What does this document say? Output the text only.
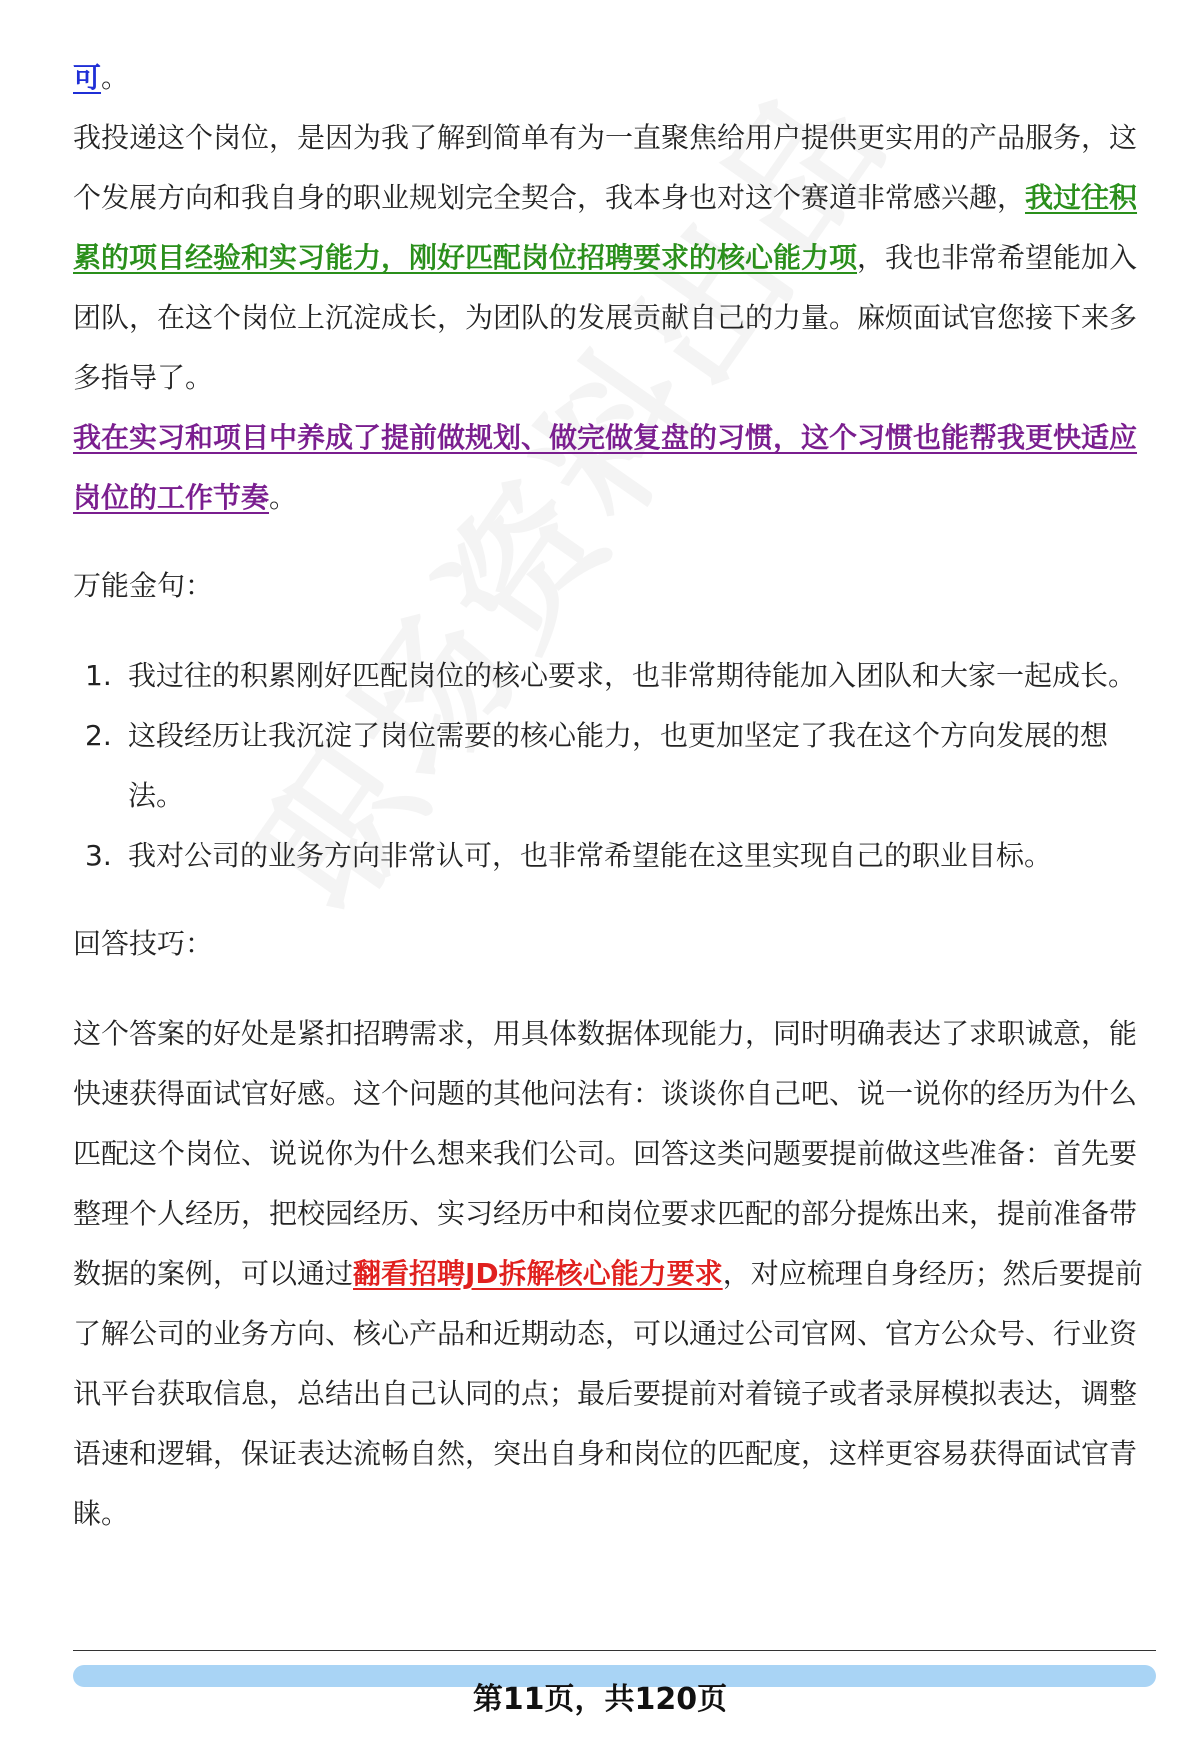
可。

我投递这个岗位，是因为我了解到简单有为一直聚焦给用户提供更实用的产品服务，这个发展方向和我自身的职业规划完全契合，我本身也对这个赛道非常感兴趣，我过往积累的项目经验和实习能力，刚好匹配岗位招聘要求的核心能力项，我也非常希望能加入团队，在这个岗位上沉淀成长，为团队的发展贡献自己的力量。麻烦面试官您接下来多多指导了。

我在实习和项目中养成了提前做规划、做完做复盘的习惯，这个习惯也能帮我更快适应岗位的工作节奏。

万能金句：

1. 我过往的积累刚好匹配岗位的核心要求，也非常期待能加入团队和大家一起成长。
2. 这段经历让我沉淀了岗位需要的核心能力，也更加坚定了我在这个方向发展的想法。
3. 我对公司的业务方向非常认可，也非常希望能在这里实现自己的职业目标。

回答技巧：

这个答案的好处是紧扣招聘需求，用具体数据体现能力，同时明确表达了求职诚意，能快速获得面试官好感。这个问题的其他问法有：谈谈你自己吧、说一说你的经历为什么匹配这个岗位、说说你为什么想来我们公司。回答这类问题要提前做这些准备：首先要整理个人经历，把校园经历、实习经历中和岗位要求匹配的部分提炼出来，提前准备带数据的案例，可以通过翻看招聘JD拆解核心能力要求，对应梳理自身经历；然后要提前了解公司的业务方向、核心产品和近期动态，可以通过公司官网、官方公众号、行业资讯平台获取信息，总结出自己认同的点；最后要提前对着镜子或者录屏模拟表达，调整语速和逻辑，保证表达流畅自然，突出自身和岗位的匹配度，这样更容易获得面试官青睐。

第11页，共120页
